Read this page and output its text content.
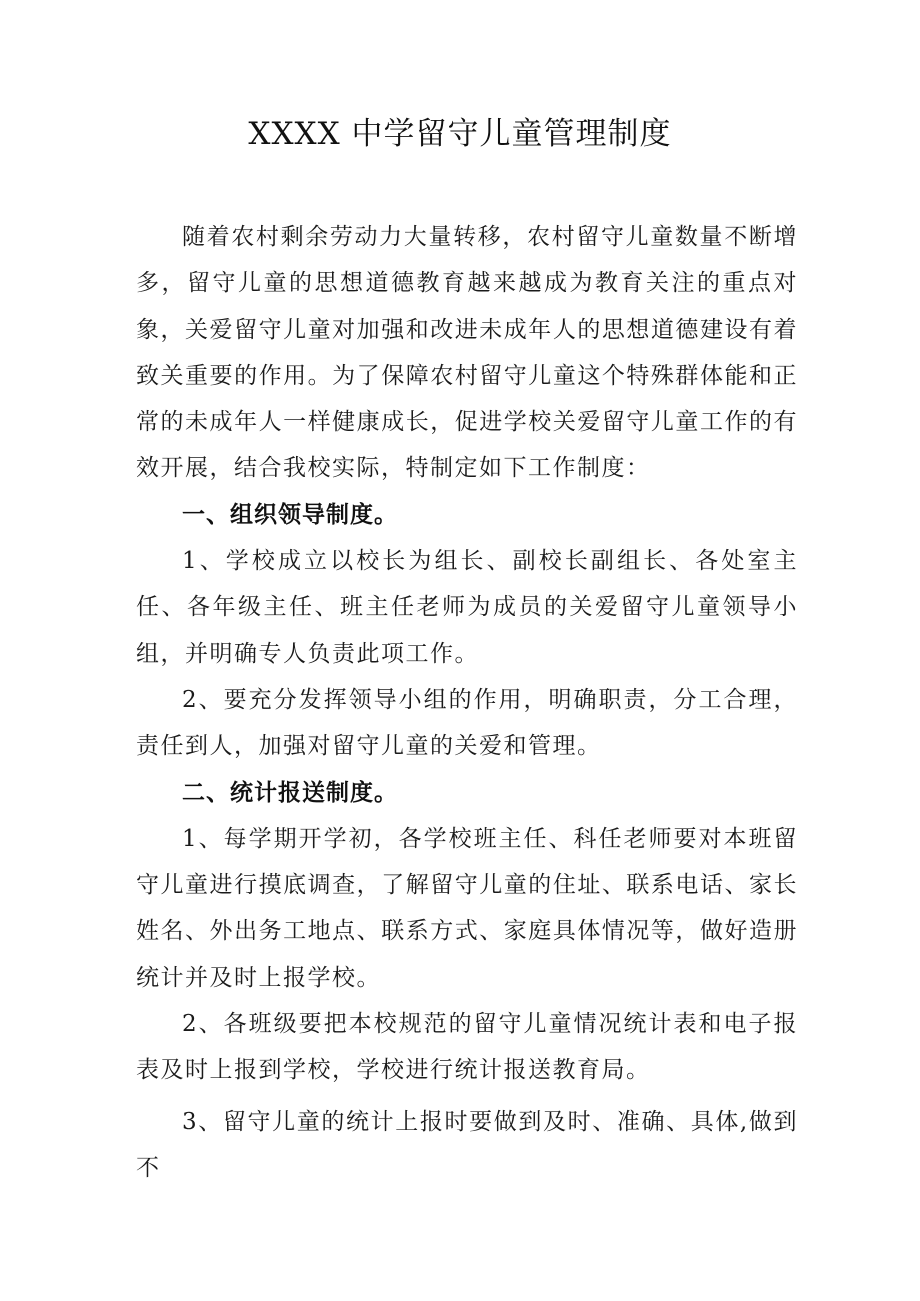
XXXX 中学留守儿童管理制度

随着农村剩余劳动力大量转移，农村留守儿童数量不断增多，留守儿童的思想道德教育越来越成为教育关注的重点对象，关爱留守儿童对加强和改进未成年人的思想道德建设有着致关重要的作用。为了保障农村留守儿童这个特殊群体能和正常的未成年人一样健康成长，促进学校关爱留守儿童工作的有效开展，结合我校实际，特制定如下工作制度：

一、组织领导制度。

1、学校成立以校长为组长、副校长副组长、各处室主任、各年级主任、班主任老师为成员的关爱留守儿童领导小组，并明确专人负责此项工作。

2、要充分发挥领导小组的作用，明确职责，分工合理，责任到人，加强对留守儿童的关爱和管理。

二、统计报送制度。

1、每学期开学初，各学校班主任、科任老师要对本班留守儿童进行摸底调查，了解留守儿童的住址、联系电话、家长姓名、外出务工地点、联系方式、家庭具体情况等，做好造册统计并及时上报学校。

2、各班级要把本校规范的留守儿童情况统计表和电子报表及时上报到学校，学校进行统计报送教育局。

3、留守儿童的统计上报时要做到及时、准确、具体,做到不
